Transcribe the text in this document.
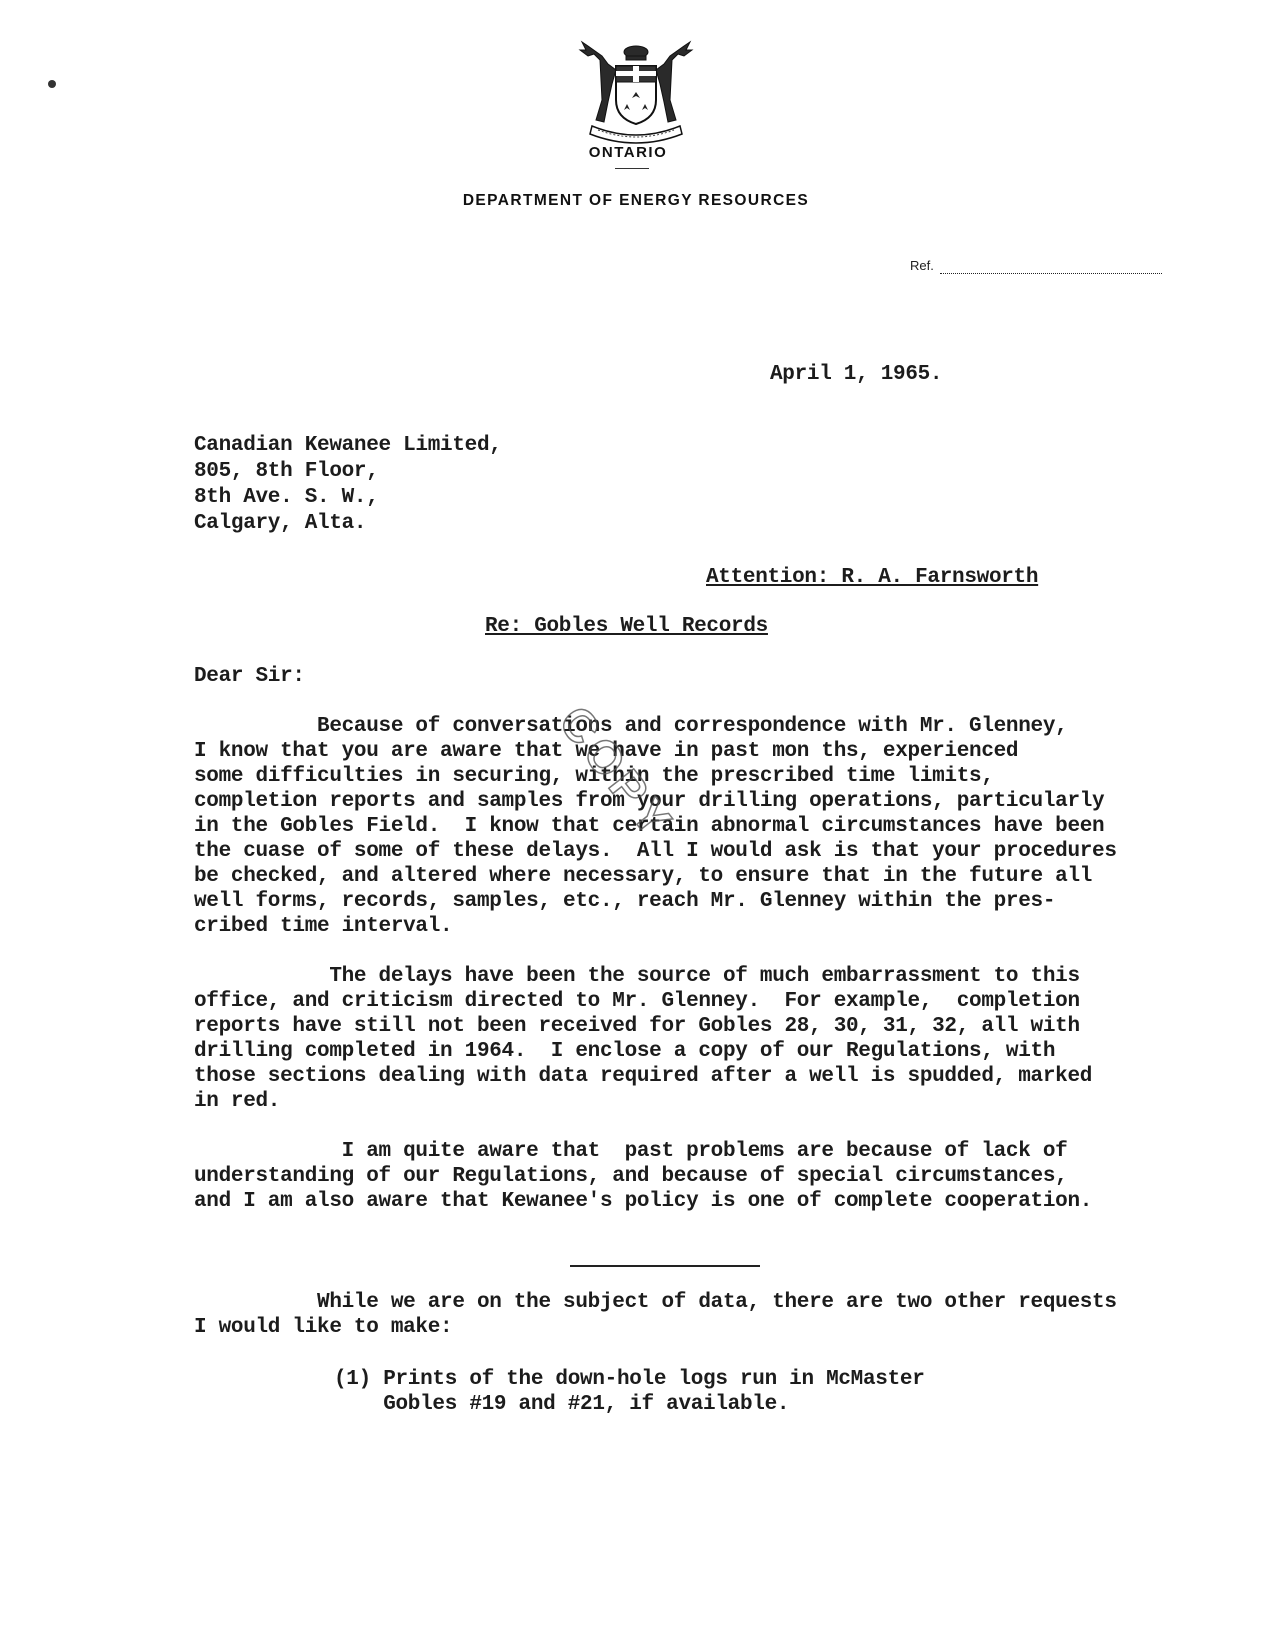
ONTARIO
DEPARTMENT OF ENERGY RESOURCES
Ref.
April 1, 1965.
Canadian Kewanee Limited,
805, 8th Floor,
8th Ave. S. W.,
Calgary, Alta.
Attention: R. A. Farnsworth
Re: Gobles Well Records
Dear Sir:
Because of conversations and correspondence with Mr. Glenney,
I know that you are aware that we have in past mon ths, experienced
some difficulties in securing, within the prescribed time limits,
completion reports and samples from your drilling operations, particularly
in the Gobles Field.  I know that certain abnormal circumstances have been
the cuase of some of these delays.  All I would ask is that your procedures
be checked, and altered where necessary, to ensure that in the future all
well forms, records, samples, etc., reach Mr. Glenney within the pres-
cribed time interval.
The delays have been the source of much embarrassment to this
office, and criticism directed to Mr. Glenney.  For example,  completion
reports have still not been received for Gobles 28, 30, 31, 32, all with
drilling completed in 1964.  I enclose a copy of our Regulations, with
those sections dealing with data required after a well is spudded, marked
in red.
I am quite aware that  past problems are because of lack of
understanding of our Regulations, and because of special circumstances,
and I am also aware that Kewanee's policy is one of complete cooperation.
While we are on the subject of data, there are two other requests
I would like to make:
(1) Prints of the down-hole logs run in McMaster
Gobles #19 and #21, if available.
COPY
